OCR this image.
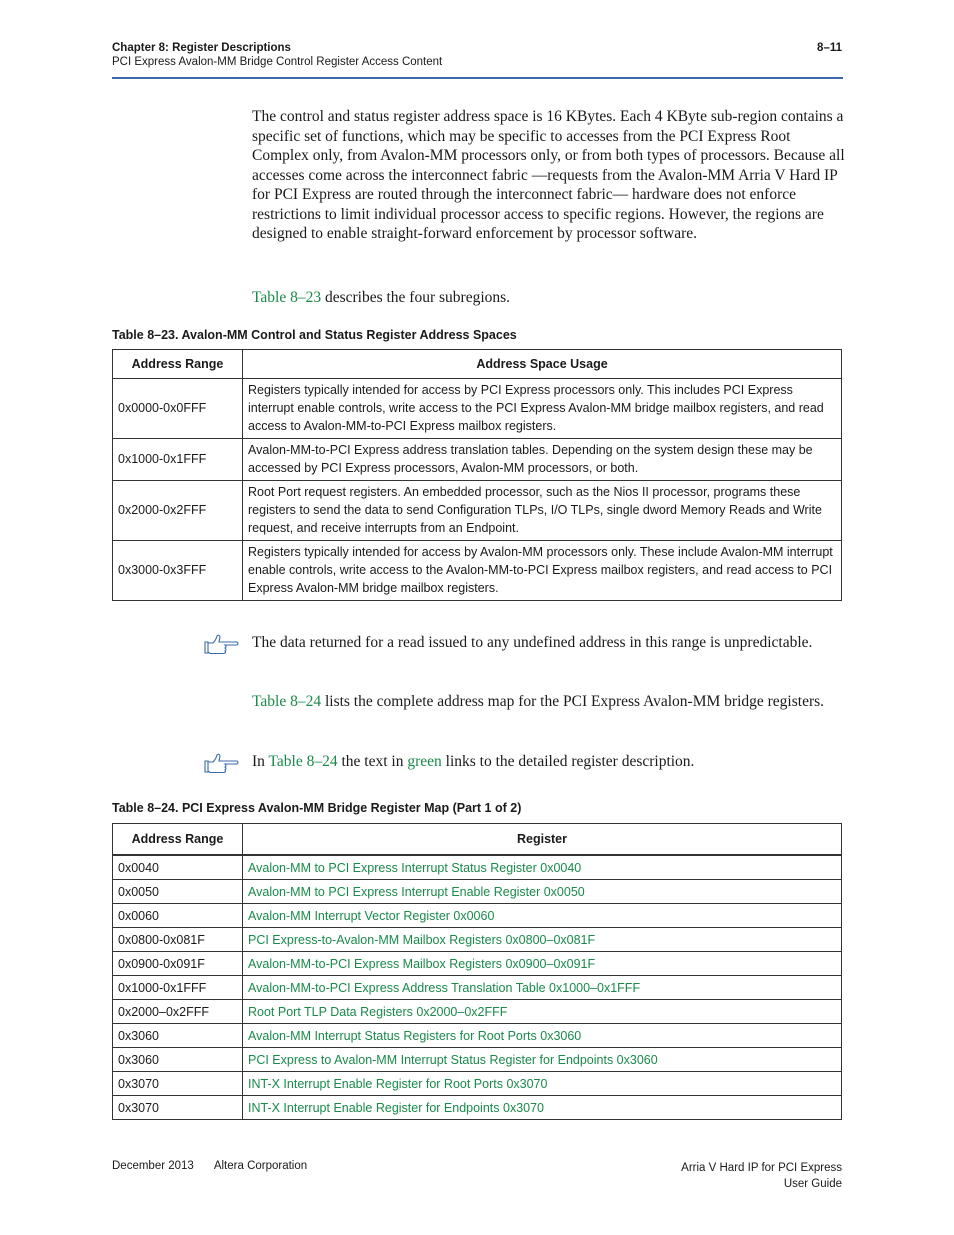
Chapter 8: Register Descriptions
PCI Express Avalon-MM Bridge Control Register Access Content
8–11
The control and status register address space is 16 KBytes. Each 4 KByte sub-region contains a specific set of functions, which may be specific to accesses from the PCI Express Root Complex only, from Avalon-MM processors only, or from both types of processors. Because all accesses come across the interconnect fabric —requests from the Avalon-MM Arria V Hard IP for PCI Express are routed through the interconnect fabric— hardware does not enforce restrictions to limit individual processor access to specific regions. However, the regions are designed to enable straight-forward enforcement by processor software.
Table 8–23 describes the four subregions.
Table 8–23. Avalon-MM Control and Status Register Address Spaces
Address Range	Address Space Usage
0x0000-0x0FFF	Registers typically intended for access by PCI Express processors only. This includes PCI Express interrupt enable controls, write access to the PCI Express Avalon-MM bridge mailbox registers, and read access to Avalon-MM-to-PCI Express mailbox registers.
0x1000-0x1FFF	Avalon-MM-to-PCI Express address translation tables. Depending on the system design these may be accessed by PCI Express processors, Avalon-MM processors, or both.
0x2000-0x2FFF	Root Port request registers. An embedded processor, such as the Nios II processor, programs these registers to send the data to send Configuration TLPs, I/O TLPs, single dword Memory Reads and Write request, and receive interrupts from an Endpoint.
0x3000-0x3FFF	Registers typically intended for access by Avalon-MM processors only. These include Avalon-MM interrupt enable controls, write access to the Avalon-MM-to-PCI Express mailbox registers, and read access to PCI Express Avalon-MM bridge mailbox registers.
The data returned for a read issued to any undefined address in this range is unpredictable.
Table 8–24 lists the complete address map for the PCI Express Avalon-MM bridge registers.
In Table 8–24 the text in green links to the detailed register description.
Table 8–24. PCI Express Avalon-MM Bridge Register Map (Part 1 of 2)
Address Range	Register
0x0040	Avalon-MM to PCI Express Interrupt Status Register 0x0040
0x0050	Avalon-MM to PCI Express Interrupt Enable Register 0x0050
0x0060	Avalon-MM Interrupt Vector Register 0x0060
0x0800-0x081F	PCI Express-to-Avalon-MM Mailbox Registers 0x0800–0x081F
0x0900-0x091F	Avalon-MM-to-PCI Express Mailbox Registers 0x0900–0x091F
0x1000-0x1FFF	Avalon-MM-to-PCI Express Address Translation Table 0x1000–0x1FFF
0x2000–0x2FFF	Root Port TLP Data Registers 0x2000–0x2FFF
0x3060	Avalon-MM Interrupt Status Registers for Root Ports 0x3060
0x3060	PCI Express to Avalon-MM Interrupt Status Register for Endpoints 0x3060
0x3070	INT-X Interrupt Enable Register for Root Ports 0x3070
0x3070	INT-X Interrupt Enable Register for Endpoints 0x3070
December 2013 Altera Corporation	Arria V Hard IP for PCI Express
User Guide
